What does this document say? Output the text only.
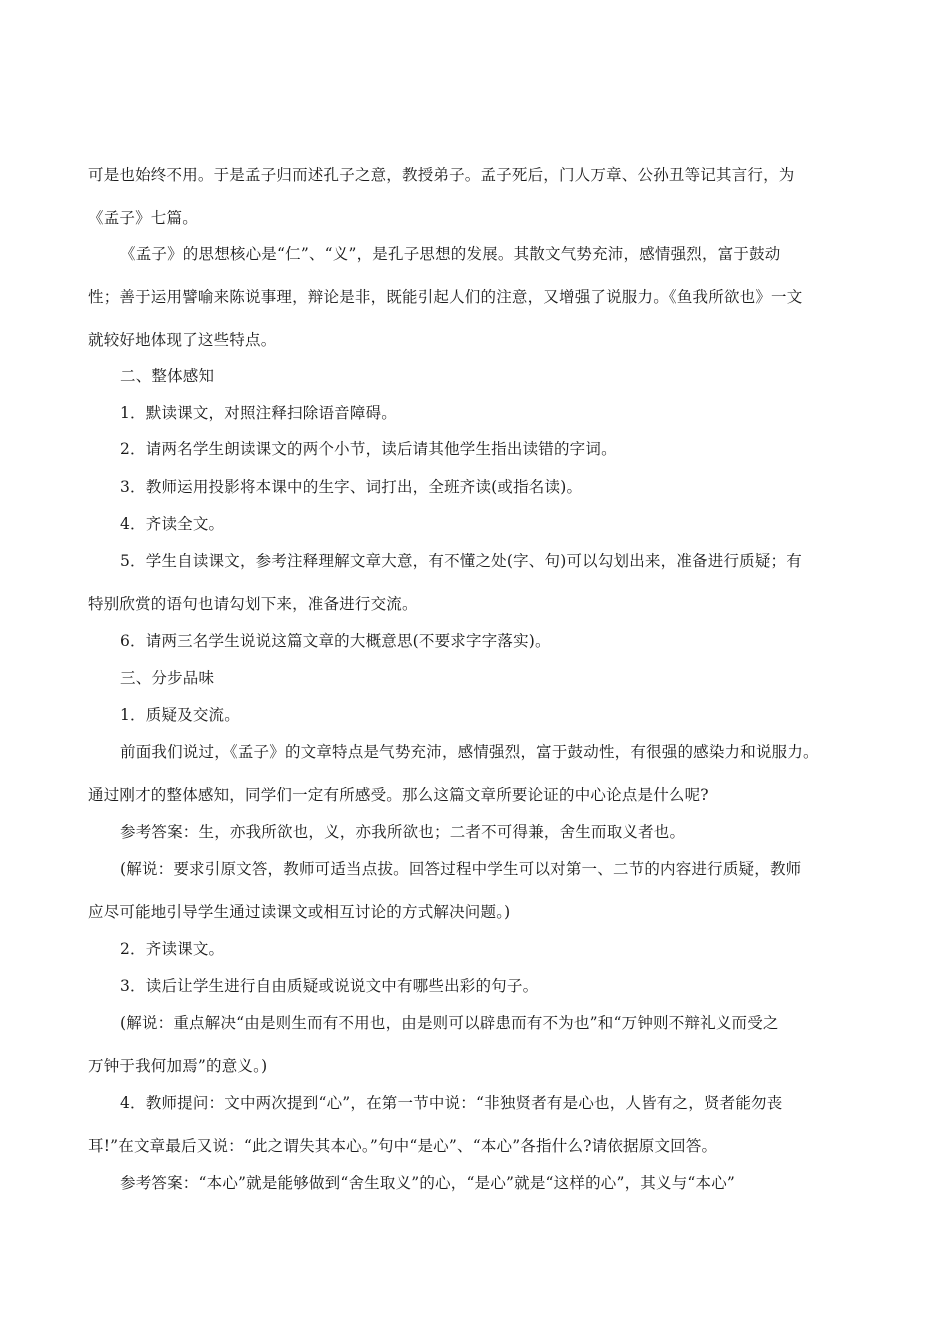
可是也始终不用。于是孟子归而述孔子之意，教授弟子。孟子死后，门人万章、公孙丑等记其言行，为
《孟子》七篇。
《孟子》的思想核心是“仁”、“义”，是孔子思想的发展。其散文气势充沛，感情强烈，富于鼓动
性；善于运用譬喻来陈说事理，辩论是非，既能引起人们的注意，又增强了说服力。《鱼我所欲也》一文
就较好地体现了这些特点。
二、整体感知
1．默读课文，对照注释扫除语音障碍。
2．请两名学生朗读课文的两个小节，读后请其他学生指出读错的字词。
3．教师运用投影将本课中的生字、词打出，全班齐读(或指名读)。
4．齐读全文。
5．学生自读课文，参考注释理解文章大意，有不懂之处(字、句)可以勾划出来，准备进行质疑；有
特别欣赏的语句也请勾划下来，准备进行交流。
6．请两三名学生说说这篇文章的大概意思(不要求字字落实)。
三、分步品味
1．质疑及交流。
前面我们说过，《孟子》的文章特点是气势充沛，感情强烈，富于鼓动性，有很强的感染力和说服力。
通过刚才的整体感知，同学们一定有所感受。那么这篇文章所要论证的中心论点是什么呢?
参考答案：生，亦我所欲也，义，亦我所欲也；二者不可得兼，舍生而取义者也。
(解说：要求引原文答，教师可适当点拔。回答过程中学生可以对第一、二节的内容进行质疑，教师
应尽可能地引导学生通过读课文或相互讨论的方式解决问题。)
2．齐读课文。
3．读后让学生进行自由质疑或说说文中有哪些出彩的句子。
(解说：重点解决“由是则生而有不用也，由是则可以辟患而有不为也”和“万钟则不辩礼义而受之
万钟于我何加焉”的意义。)
4．教师提问：文中两次提到“心”，在第一节中说：“非独贤者有是心也，人皆有之，贤者能勿丧
耳!”在文章最后又说：“此之谓失其本心。”句中“是心”、“本心”各指什么?请依据原文回答。
参考答案：“本心”就是能够做到“舍生取义”的心，“是心”就是“这样的心”，其义与“本心”
